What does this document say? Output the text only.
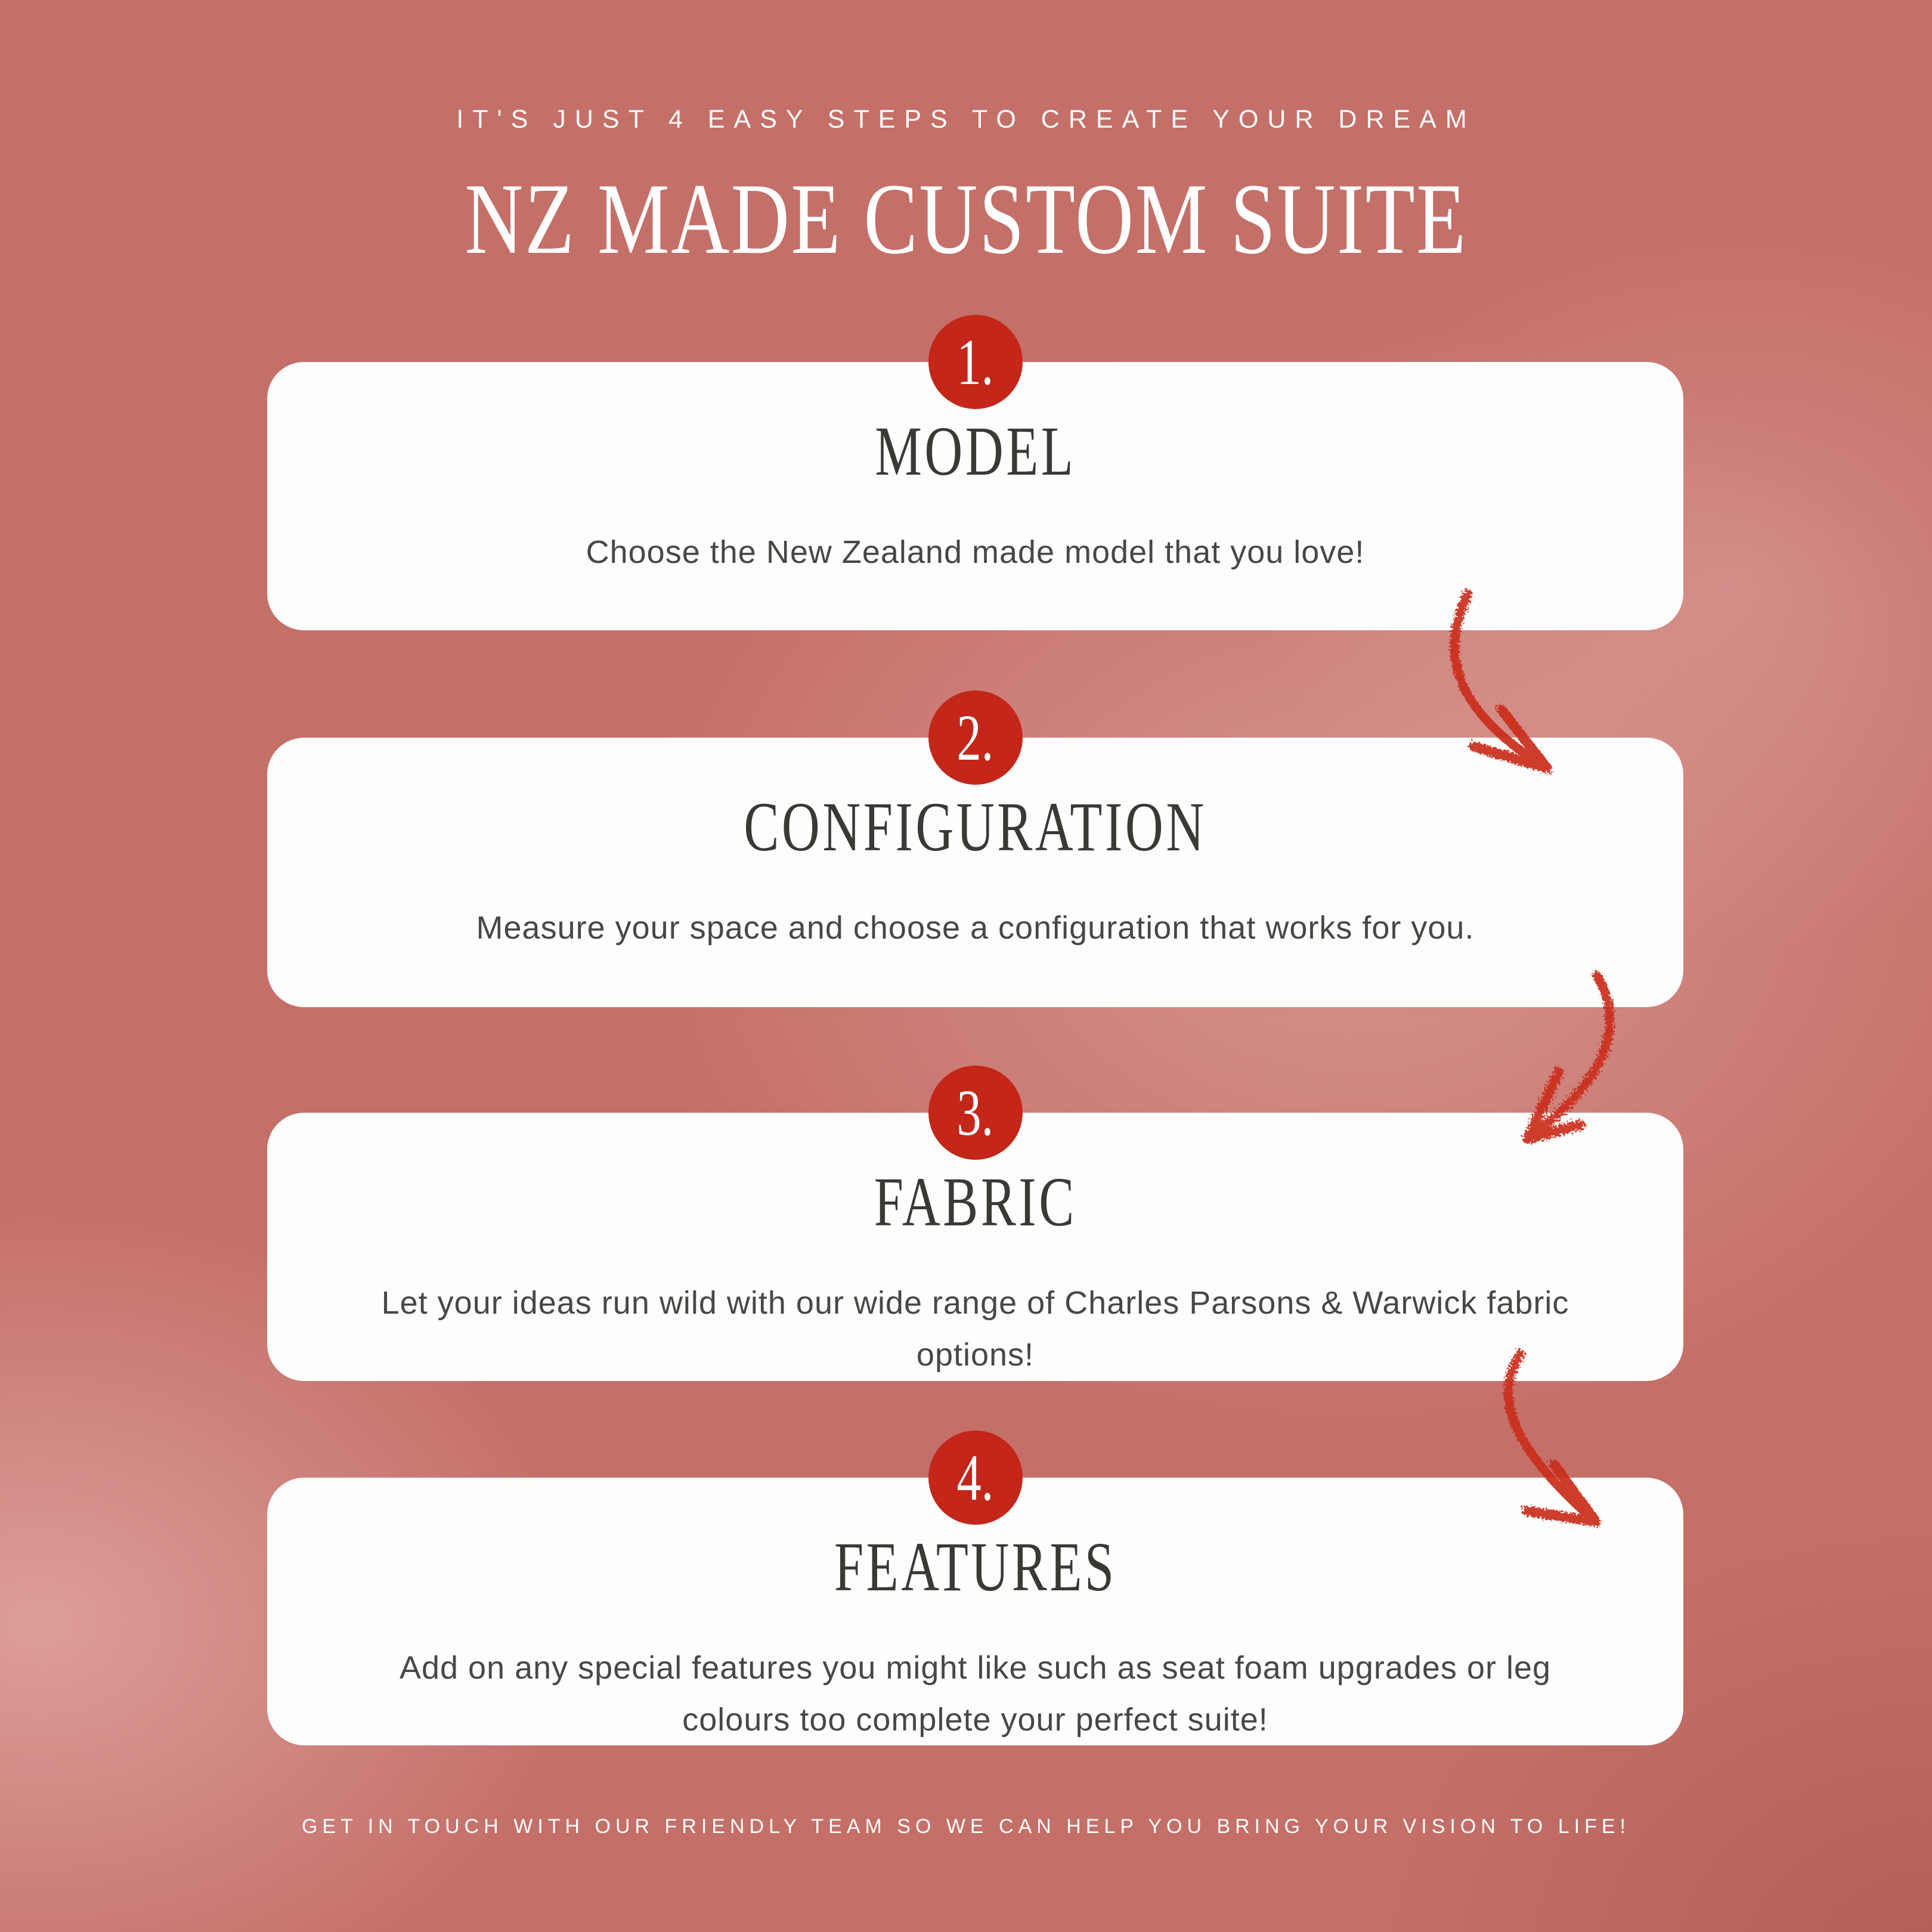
IT'S JUST 4 EASY STEPS TO CREATE YOUR DREAM
NZ MADE CUSTOM SUITE
1.
MODEL

Choose the New Zealand made model that you love!

2.
CONFIGURATION

Measure your space and choose a configuration that works for you.

3.
FABRIC

Let your ideas run wild with our wide range of Charles Parsons & Warwick fabric options!

4.
FEATURES

Add on any special features you might like such as seat foam upgrades or leg colours too complete your perfect suite!

GET IN TOUCH WITH OUR FRIENDLY TEAM SO WE CAN HELP YOU BRING YOUR VISION TO LIFE!
